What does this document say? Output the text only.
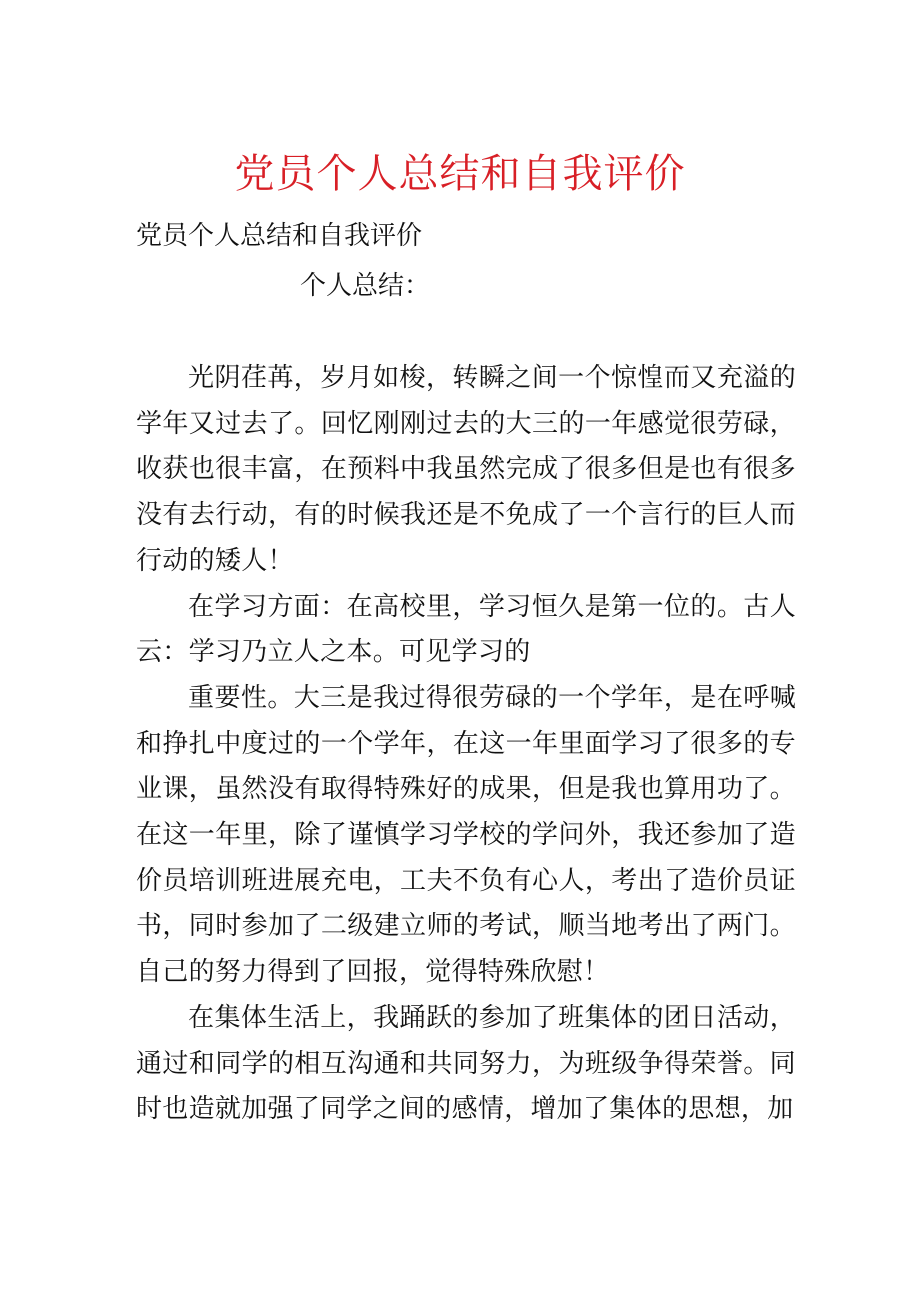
党员个人总结和自我评价

党员个人总结和自我评价

个人总结：

光阴荏苒，岁月如梭，转瞬之间一个惊惶而又充溢的学年又过去了。回忆刚刚过去的大三的一年感觉很劳碌，收获也很丰富，在预料中我虽然完成了很多但是也有很多没有去行动，有的时候我还是不免成了一个言行的巨人而行动的矮人！

在学习方面：在高校里，学习恒久是第一位的。古人云：学习乃立人之本。可见学习的

重要性。大三是我过得很劳碌的一个学年，是在呼喊和挣扎中度过的一个学年，在这一年里面学习了很多的专业课，虽然没有取得特殊好的成果，但是我也算用功了。在这一年里，除了谨慎学习学校的学问外，我还参加了造价员培训班进展充电，工夫不负有心人，考出了造价员证书，同时参加了二级建立师的考试，顺当地考出了两门。自己的努力得到了回报，觉得特殊欣慰！

在集体生活上，我踊跃的参加了班集体的团日活动，通过和同学的相互沟通和共同努力，为班级争得荣誉。同时也造就加强了同学之间的感情，增加了集体的思想，加
